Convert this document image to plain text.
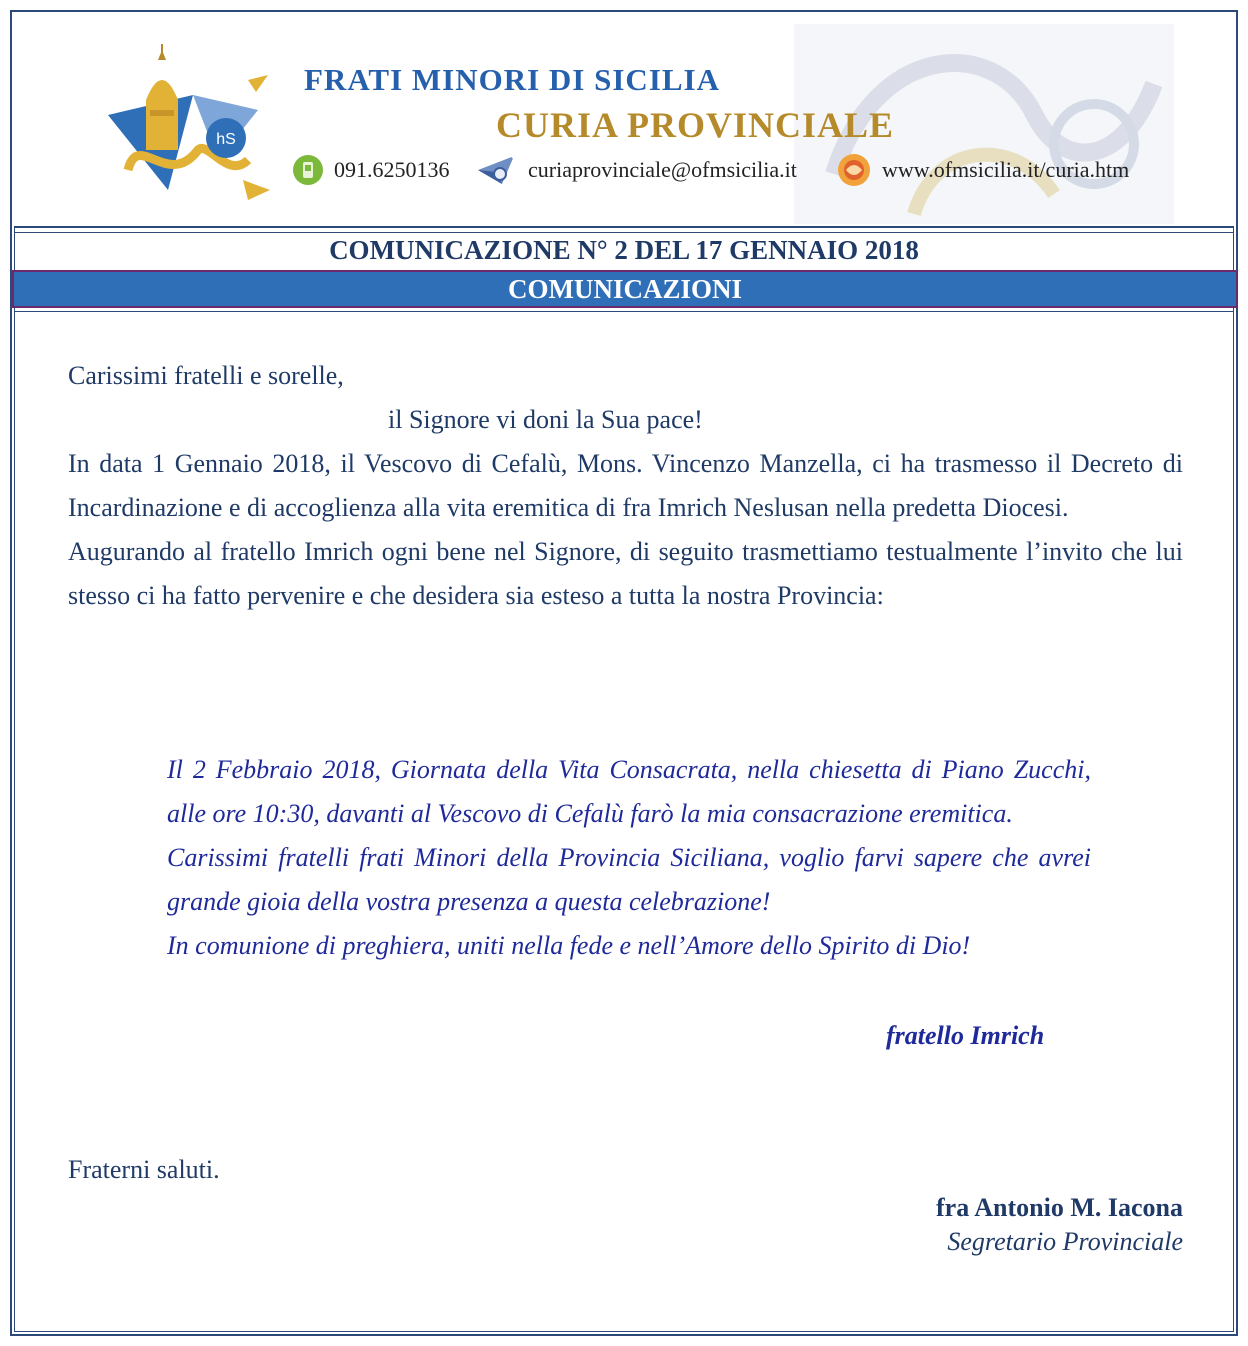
hS
FRATI MINORI DI SICILIA
CURIA PROVINCIALE
091.6250136	curiaprovinciale@ofmsicilia.it	www.ofmsicilia.it/curia.htm
COMUNICAZIONE N° 2 DEL 17 GENNAIO 2018
COMUNICAZIONI

Carissimi fratelli e sorelle,

il Signore vi doni la Sua pace!

In data 1 Gennaio 2018, il Vescovo di Cefalù, Mons. Vincenzo Manzella, ci ha trasmesso il Decreto di Incardinazione e di accoglienza alla vita eremitica di fra Imrich Neslusan nella predetta Diocesi.

Augurando al fratello Imrich ogni bene nel Signore, di seguito trasmettiamo testualmente l’invito che lui stesso ci ha fatto pervenire e che desidera sia esteso a tutta la nostra Provincia:

Il 2 Febbraio 2018, Giornata della Vita Consacrata, nella chiesetta di Piano Zucchi, alle ore 10:30, davanti al Vescovo di Cefalù farò la mia consacrazione eremitica.

Carissimi fratelli frati Minori della Provincia Siciliana, voglio farvi sapere che avrei grande gioia della vostra presenza a questa celebrazione!

In comunione di preghiera, uniti nella fede e nell’Amore dello Spirito di Dio!

fratello Imrich
Fraterni saluti.
fra Antonio M. Iacona
Segretario Provinciale
